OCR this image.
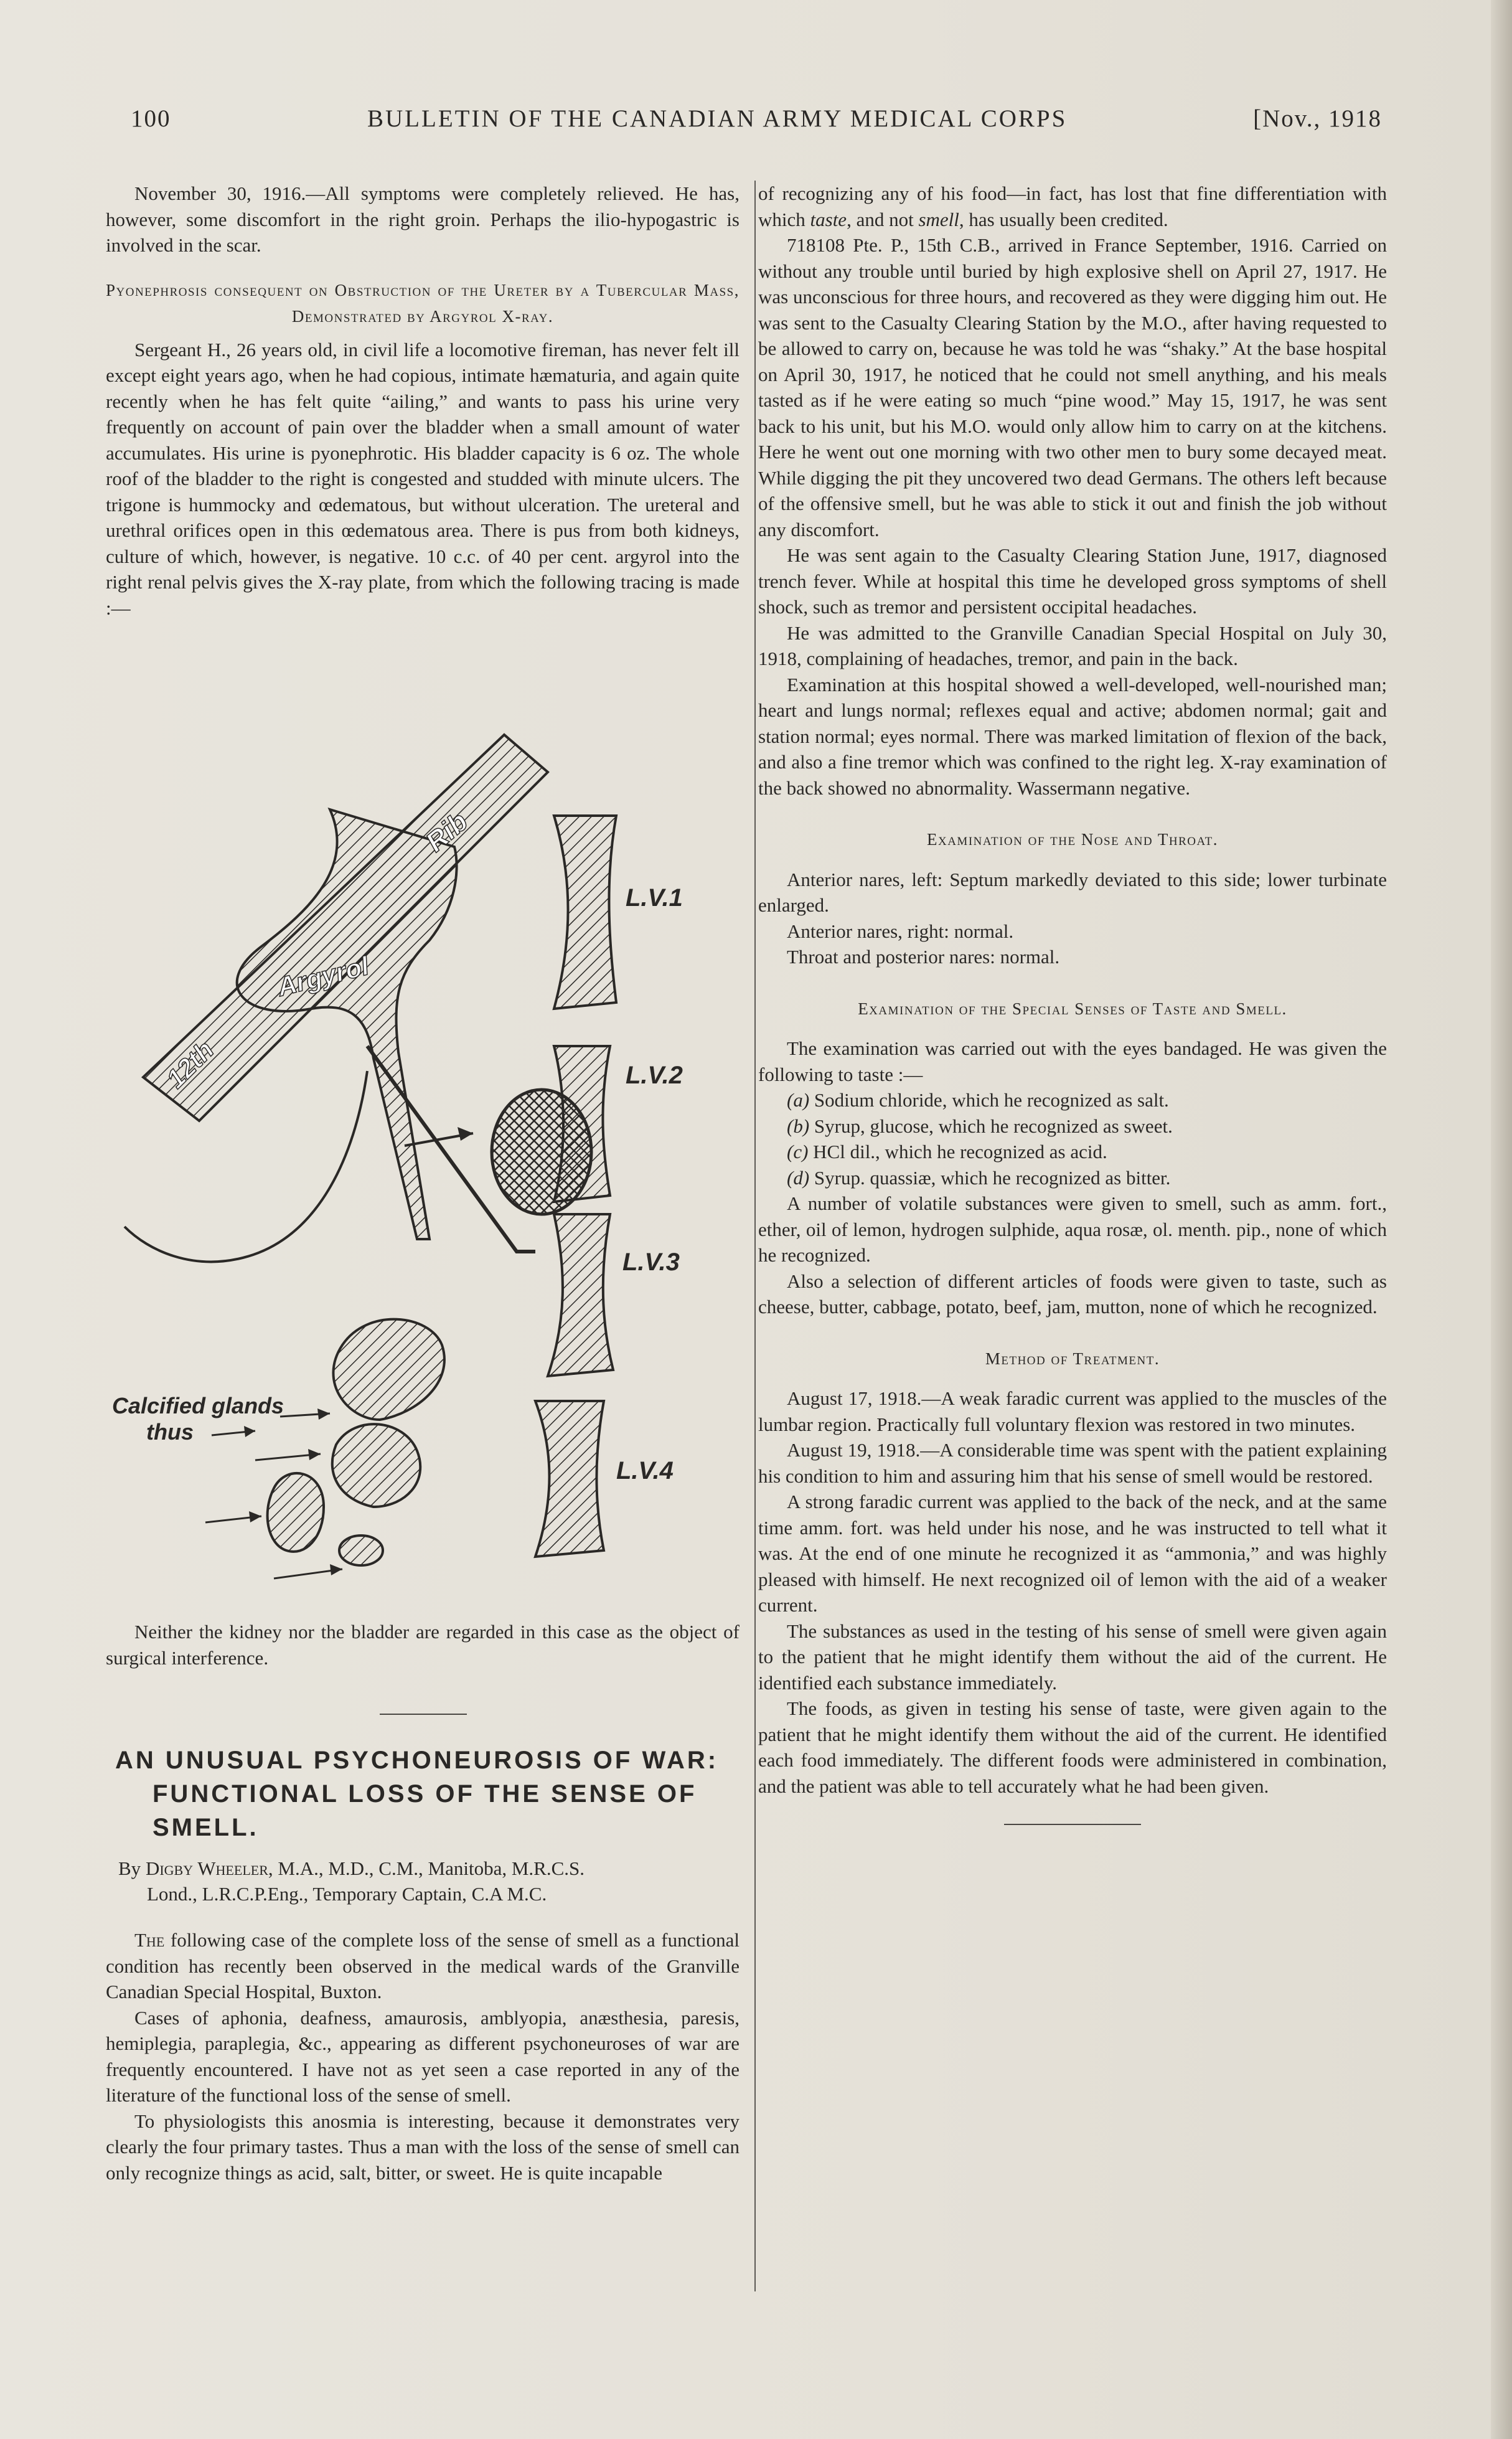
100	BULLETIN OF THE CANADIAN ARMY MEDICAL CORPS	[Nov., 1918

November 30, 1916.—All symptoms were completely relieved. He has, however, some discomfort in the right groin. Perhaps the ilio-hypogastric is involved in the scar.

Pyonephrosis consequent on Obstruction of the Ureter by a Tubercular Mass, Demonstrated by Argyrol X-ray.

Sergeant H., 26 years old, in civil life a locomotive fireman, has never felt ill except eight years ago, when he had copious, intimate hæmaturia, and again quite recently when he has felt quite “ailing,” and wants to pass his urine very frequently on account of pain over the bladder when a small amount of water accumulates. His urine is pyonephrotic. His bladder capacity is 6 oz. The whole roof of the bladder to the right is congested and studded with minute ulcers. The trigone is hummocky and œdematous, but without ulceration. The ureteral and urethral orifices open in this œdematous area. There is pus from both kidneys, culture of which, however, is negative. 10 c.c. of 40 per cent. argyrol into the right renal pelvis gives the X-ray plate, from which the following tracing is made :—

Rib
Argyrol
12th
L.V.1
L.V.2
L.V.3
L.V.4
Calcified glands
thus

Neither the kidney nor the bladder are regarded in this case as the object of surgical interference.

AN UNUSUAL PSYCHONEUROSIS OF WAR:
FUNCTIONAL LOSS OF THE SENSE OF
SMELL.
By Digby Wheeler, M.A., M.D., C.M., Manitoba, M.R.C.S.
Lond., L.R.C.P.Eng., Temporary Captain, C.A M.C.

The following case of the complete loss of the sense of smell as a functional condition has recently been observed in the medical wards of the Granville Canadian Special Hospital, Buxton.

Cases of aphonia, deafness, amaurosis, amblyopia, anæsthesia, paresis, hemiplegia, paraplegia, &c., appearing as different psychoneuroses of war are frequently encountered. I have not as yet seen a case reported in any of the literature of the functional loss of the sense of smell.

To physiologists this anosmia is interesting, because it demonstrates very clearly the four primary tastes. Thus a man with the loss of the sense of smell can only recognize things as acid, salt, bitter, or sweet. He is quite incapable

of recognizing any of his food—in fact, has lost that fine differentiation with which taste, and not smell, has usually been credited.

718108 Pte. P., 15th C.B., arrived in France September, 1916. Carried on without any trouble until buried by high explosive shell on April 27, 1917. He was unconscious for three hours, and recovered as they were digging him out. He was sent to the Casualty Clearing Station by the M.O., after having requested to be allowed to carry on, because he was told he was “shaky.” At the base hospital on April 30, 1917, he noticed that he could not smell anything, and his meals tasted as if he were eating so much “pine wood.” May 15, 1917, he was sent back to his unit, but his M.O. would only allow him to carry on at the kitchens. Here he went out one morning with two other men to bury some decayed meat. While digging the pit they uncovered two dead Germans. The others left because of the offensive smell, but he was able to stick it out and finish the job without any discomfort.

He was sent again to the Casualty Clearing Station June, 1917, diagnosed trench fever. While at hospital this time he developed gross symptoms of shell shock, such as tremor and persistent occipital headaches.

He was admitted to the Granville Canadian Special Hospital on July 30, 1918, complaining of headaches, tremor, and pain in the back.

Examination at this hospital showed a well-developed, well-nourished man; heart and lungs normal; reflexes equal and active; abdomen normal; gait and station normal; eyes normal. There was marked limitation of flexion of the back, and also a fine tremor which was confined to the right leg. X-ray examination of the back showed no abnormality. Wassermann negative.

Examination of the Nose and Throat.

Anterior nares, left: Septum markedly deviated to this side; lower turbinate enlarged.

Anterior nares, right: normal.

Throat and posterior nares: normal.

Examination of the Special Senses of Taste and Smell.

The examination was carried out with the eyes bandaged. He was given the following to taste :—

(a) Sodium chloride, which he recognized as salt.

(b) Syrup, glucose, which he recognized as sweet.

(c) HCl dil., which he recognized as acid.

(d) Syrup. quassiæ, which he recognized as bitter.

A number of volatile substances were given to smell, such as amm. fort., ether, oil of lemon, hydrogen sulphide, aqua rosæ, ol. menth. pip., none of which he recognized.

Also a selection of different articles of foods were given to taste, such as cheese, butter, cabbage, potato, beef, jam, mutton, none of which he recognized.

Method of Treatment.

August 17, 1918.—A weak faradic current was applied to the muscles of the lumbar region. Practically full voluntary flexion was restored in two minutes.

August 19, 1918.—A considerable time was spent with the patient explaining his condition to him and assuring him that his sense of smell would be restored.

A strong faradic current was applied to the back of the neck, and at the same time amm. fort. was held under his nose, and he was instructed to tell what it was. At the end of one minute he recognized it as “ammonia,” and was highly pleased with himself. He next recognized oil of lemon with the aid of a weaker current.

The substances as used in the testing of his sense of smell were given again to the patient that he might identify them without the aid of the current. He identified each substance immediately.

The foods, as given in testing his sense of taste, were given again to the patient that he might identify them without the aid of the current. He identified each food immediately. The different foods were administered in combination, and the patient was able to tell accurately what he had been given.
